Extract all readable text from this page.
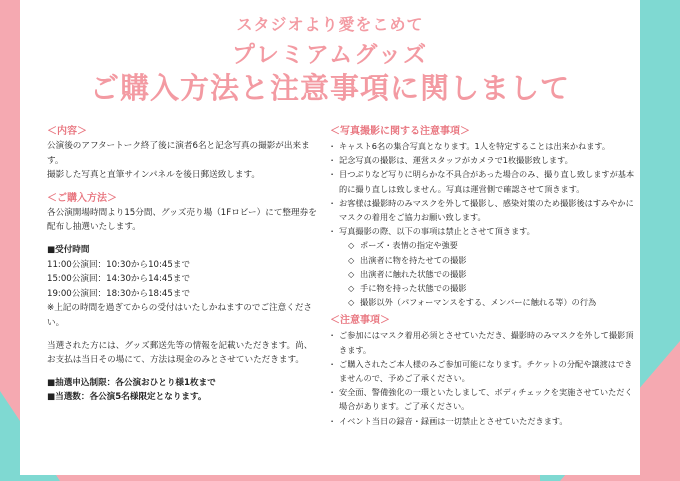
スタジオより愛をこめて
プレミアムグッズ
ご購入方法と注意事項に関しまして
＜内容＞

公演後のアフタートーク終了後に演者6名と記念写真の撮影が出来ます。
撮影した写真と直筆サインパネルを後日郵送致します。

＜ご購入方法＞

各公演開場時間より15分間、グッズ売り場（1Fロビー）にて整理券を配布し抽選いたします。

■受付時間

11:00公演回：10:30から10:45まで
15:00公演回：14:30から14:45まで
19:00公演回：18:30から18:45まで
※上記の時間を過ぎてからの受付はいたしかねますのでご注意ください。

当選された方には、グッズ郵送先等の情報を記載いただきます。尚、お支払は当日その場にて、方法は現金のみとさせていただきます。

■抽選申込制限：各公演おひとり様1枚まで
■当選数：各公演5名様限定となります。
＜写真撮影に関する注意事項＞
・ キャスト6名の集合写真となります。1人を特定することは出来かねます。
・ 記念写真の撮影は、運営スタッフがカメラで1枚撮影致します。
・ 目つぶりなど写りに明らかな不具合があった場合のみ、撮り直し致しますが基本的に撮り直しは致しません。写真は運営側で確認させて頂きます。
・ お客様は撮影時のみマスクを外して撮影し、感染対策のため撮影後はすみやかにマスクの着用をご協力お願い致します。
・ 写真撮影の際、以下の事項は禁止とさせて頂きます。
◇ ポーズ・表情の指定や強要
◇ 出演者に物を持たせての撮影
◇ 出演者に触れた状態での撮影
◇ 手に物を持った状態での撮影
◇ 撮影以外（パフォーマンスをする、メンバーに触れる等）の行為
＜注意事項＞
・ ご参加にはマスク着用必須とさせていただき、撮影時のみマスクを外して撮影頂きます。
・ ご購入されたご本人様のみご参加可能になります。チケットの分配や譲渡はできませんので、予めご了承ください。
・ 安全面、警備強化の一環といたしまして、ボディチェックを実施させていただく場合があります。ご了承ください。
・ イベント当日の録音・録画は一切禁止とさせていただきます。
